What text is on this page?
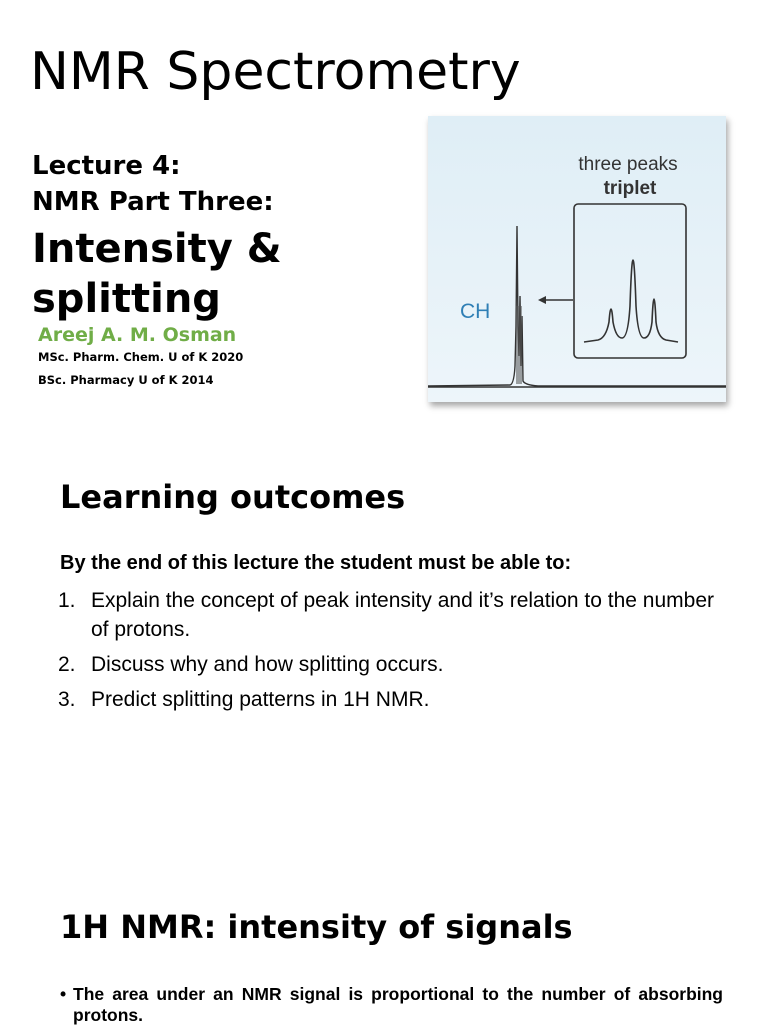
NMR Spectrometry
Lecture 4:
NMR Part Three:
Intensity &
splitting
Areej A. M. Osman
MSc. Pharm. Chem. U of K 2020
BSc. Pharmacy U of K 2014
three peaks
triplet
CH
Learning outcomes
By the end of this lecture the student must be able to:
1. Explain the concept of peak intensity and it’s relation to the number of protons.
2. Discuss why and how splitting occurs.
3. Predict splitting patterns in 1H NMR.
1H NMR: intensity of signals
• The area under an NMR signal is proportional to the number of absorbing protons.
